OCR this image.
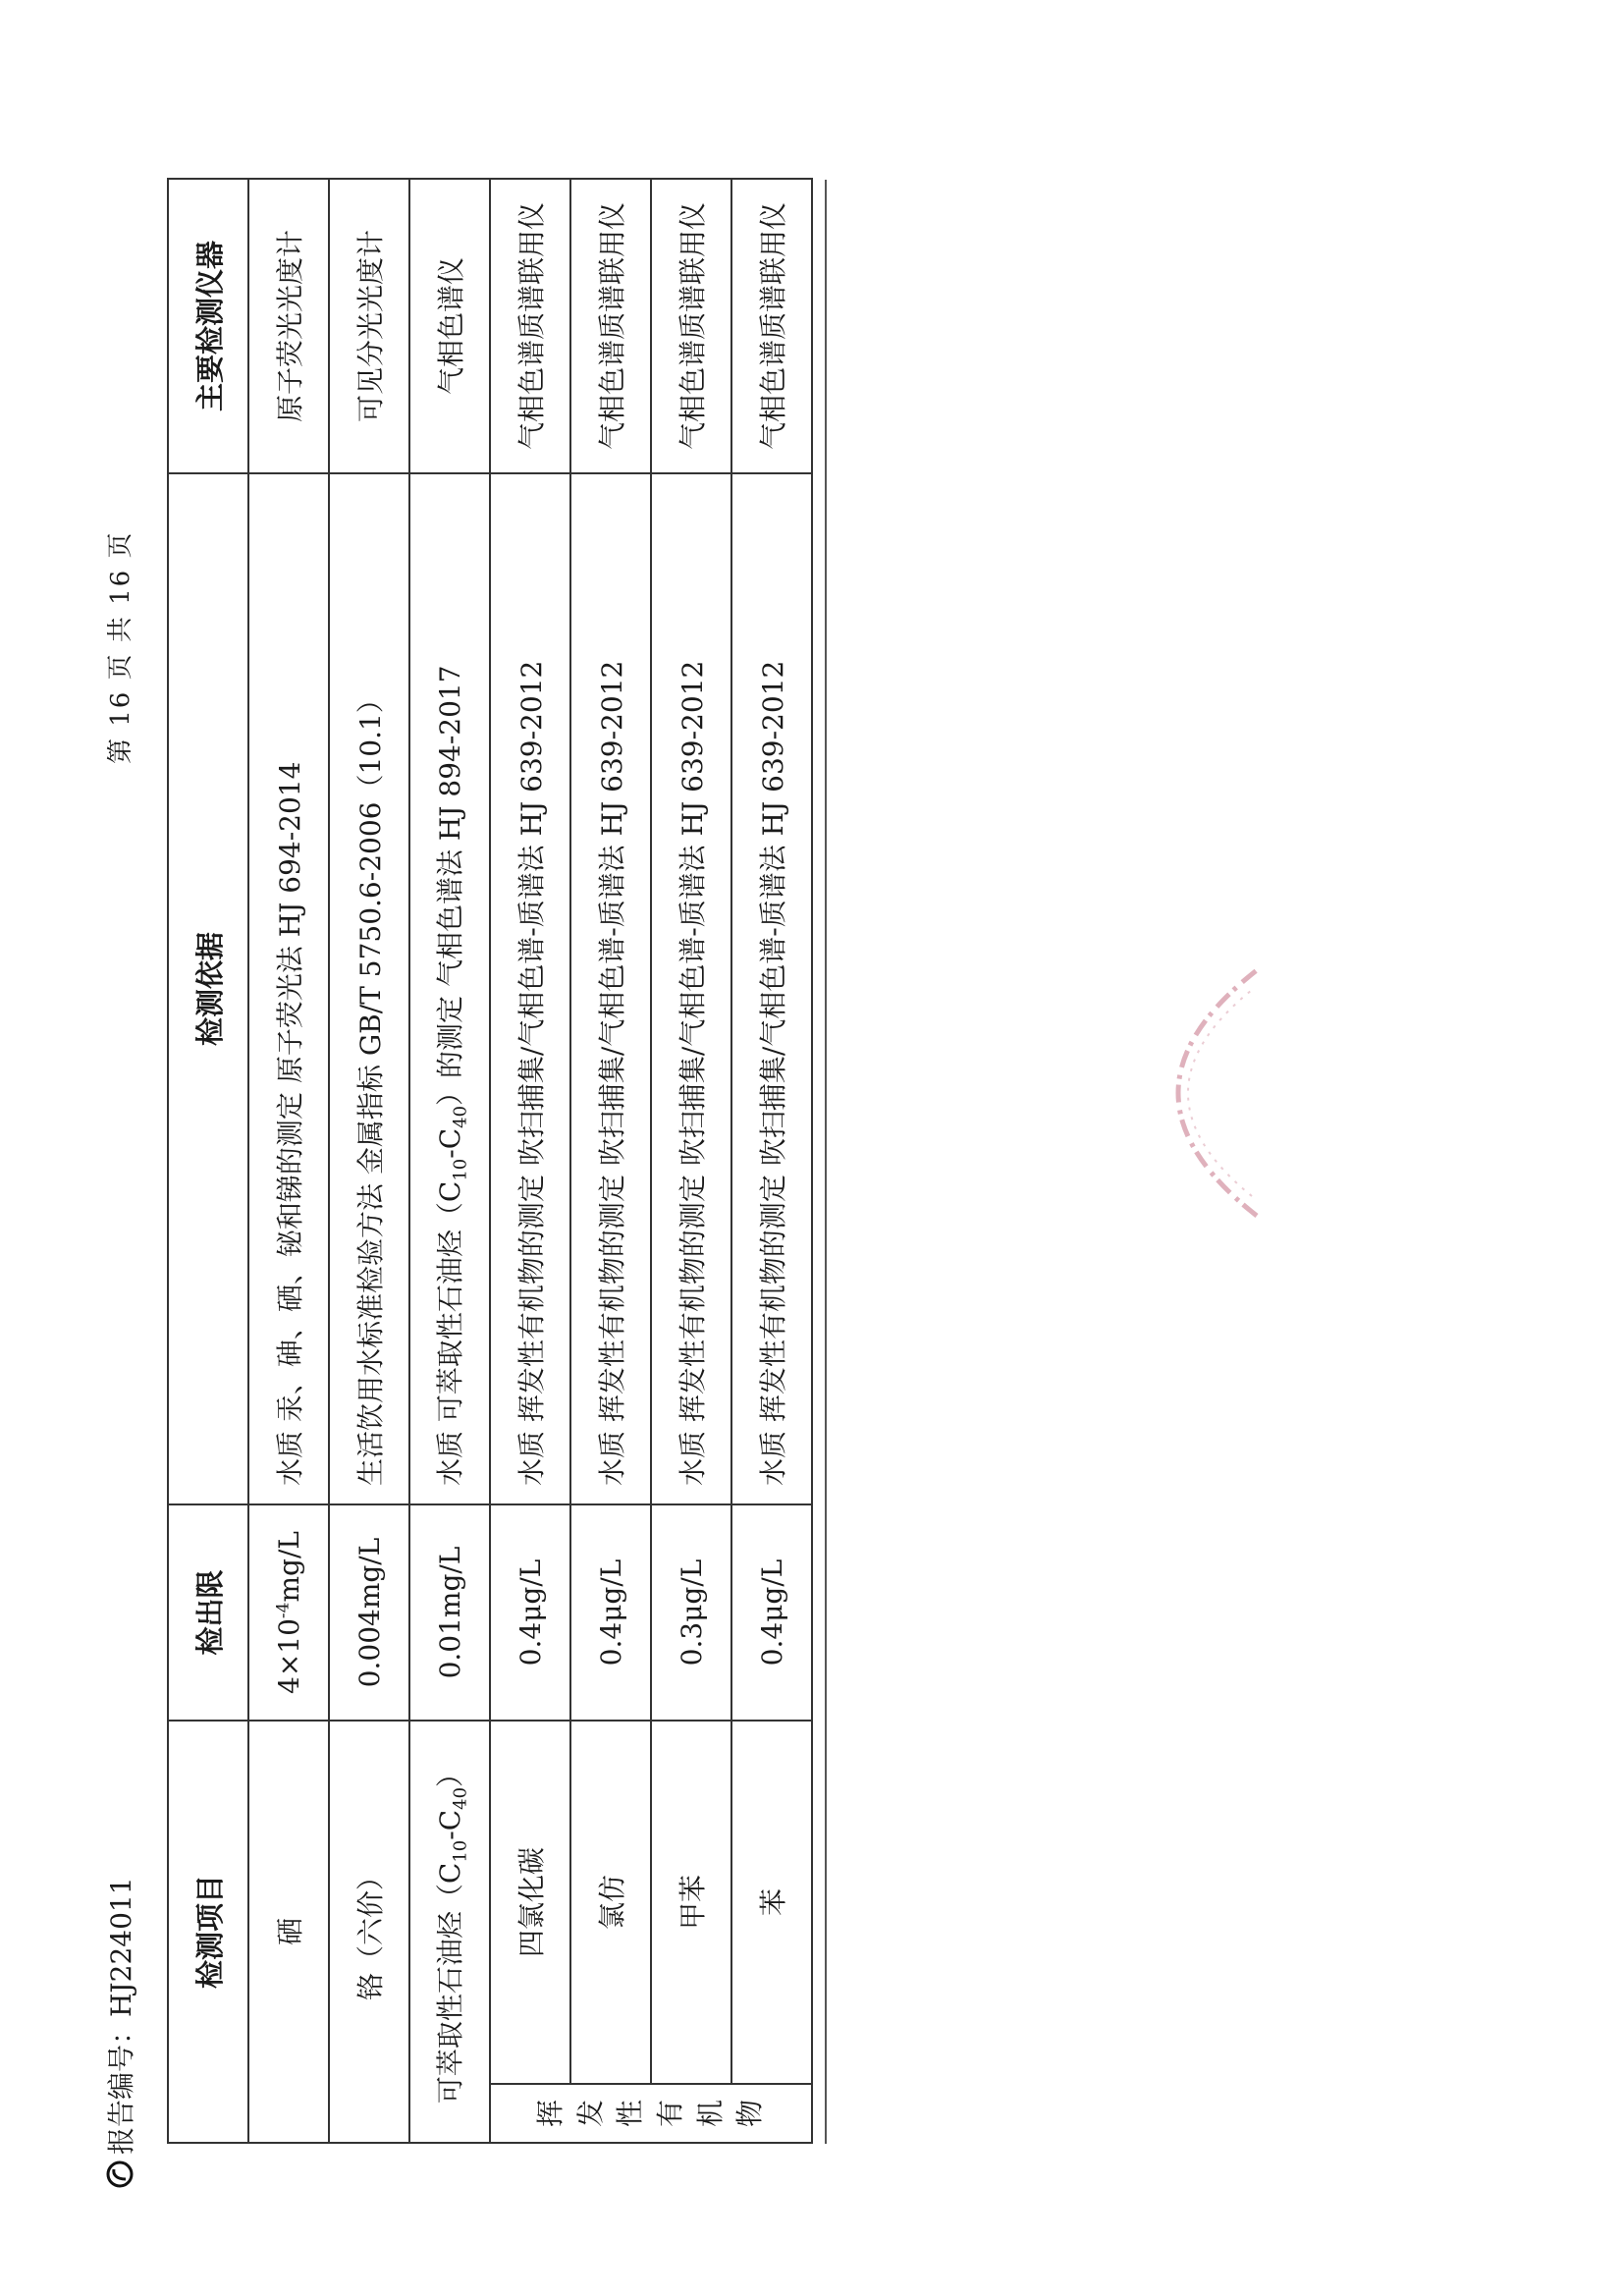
报告编号：HJ224011
第 16 页 共 16 页
检测项目		检出限	检测依据	主要检测仪器
硒		$4\times 10^{-4}mg/L$	水质 汞、砷、硒、铋和锑的测定 原子荧光法 HJ 694-2014	原子荧光光度计
铬（六价）		0.004mg/L	生活饮用水标准检验方法 金属指标 GB/T 5750.6-2006（10.1）	可见分光光度计
可萃取性石油烃$(C_{10}-C_{40})$		0.01mg/L	水质 可萃取性石油烃$(C_{10}-C_{40})$的测定 气相色谱法 HJ 894-2017	气相色谱仪

挥发 性有 机物	四氯化碳	0.4μg/L	水质 挥发性有机物的测定 吹扫捕集/气相色谱-质谱法 HJ 639-2012	气相色谱质谱联用仪
	氯仿	0.4μg/L	水质 挥发性有机物的测定 吹扫捕集/气相色谱-质谱法 HJ 639-2012	气相色谱质谱联用仪
	甲苯	0.3μg/L	水质 挥发性有机物的测定 吹扫捕集/气相色谱-质谱法 HJ 639-2012	气相色谱质谱联用仪
	苯	0.4μg/L	水质 挥发性有机物的测定 吹扫捕集/气相色谱-质谱法 HJ 639-2012	气相色谱质谱联用仪
